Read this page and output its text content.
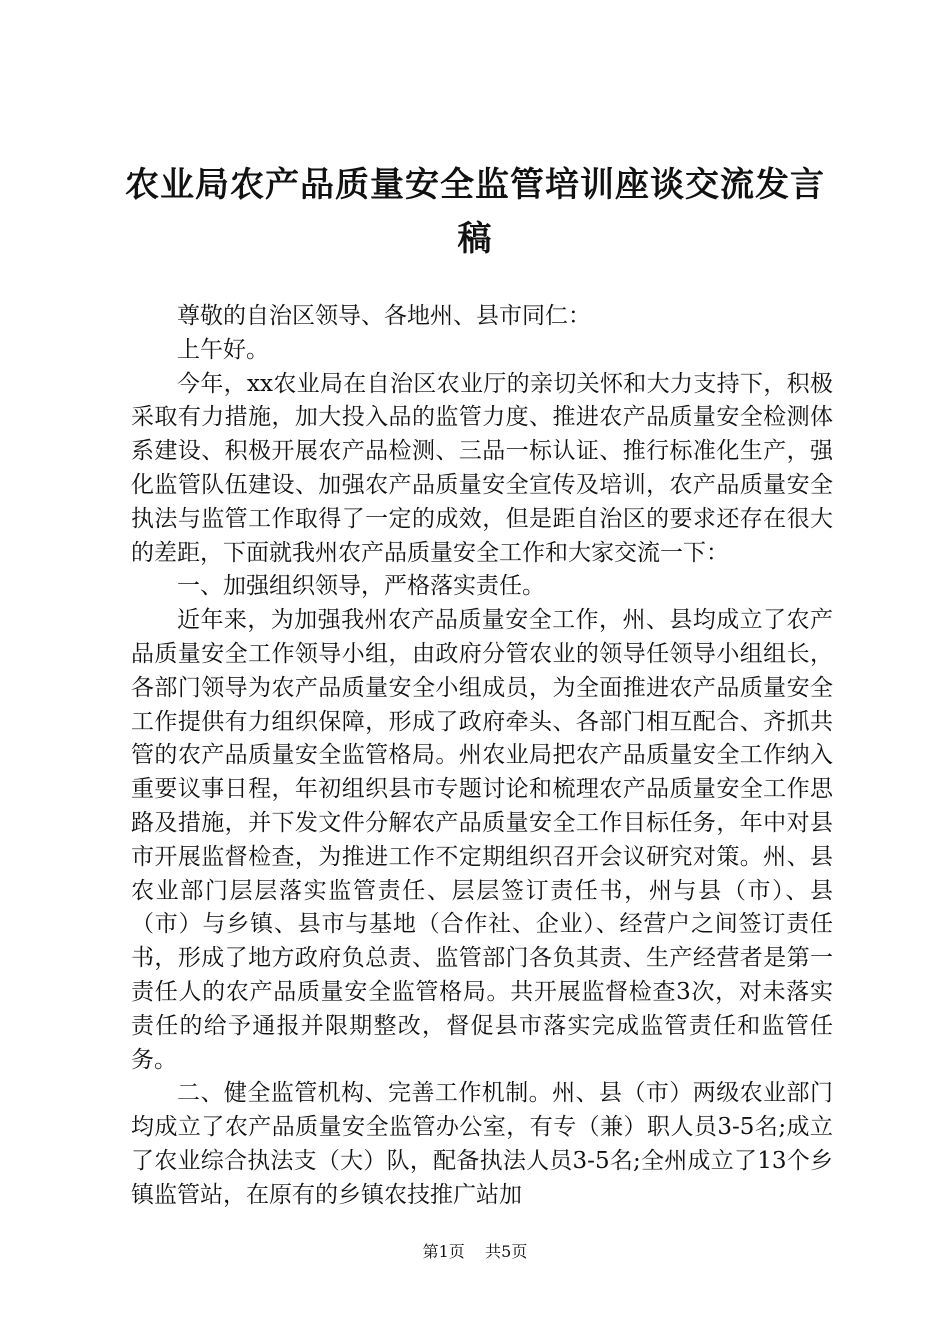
农业局农产品质量安全监管培训座谈交流发言稿

尊敬的自治区领导、各地州、县市同仁：

上午好。

今年，xx农业局在自治区农业厅的亲切关怀和大力支持下，积极采取有力措施，加大投入品的监管力度、推进农产品质量安全检测体系建设、积极开展农产品检测、三品一标认证、推行标准化生产，强化监管队伍建设、加强农产品质量安全宣传及培训，农产品质量安全执法与监管工作取得了一定的成效，但是距自治区的要求还存在很大的差距，下面就我州农产品质量安全工作和大家交流一下：

一、加强组织领导，严格落实责任。

近年来，为加强我州农产品质量安全工作，州、县均成立了农产品质量安全工作领导小组，由政府分管农业的领导任领导小组组长，各部门领导为农产品质量安全小组成员，为全面推进农产品质量安全工作提供有力组织保障，形成了政府牵头、各部门相互配合、齐抓共管的农产品质量安全监管格局。州农业局把农产品质量安全工作纳入重要议事日程，年初组织县市专题讨论和梳理农产品质量安全工作思路及措施，并下发文件分解农产品质量安全工作目标任务，年中对县市开展监督检查，为推进工作不定期组织召开会议研究对策。州、县农业部门层层落实监管责任、层层签订责任书，州与县（市）、县（市）与乡镇、县市与基地（合作社、企业）、经营户之间签订责任书，形成了地方政府负总责、监管部门各负其责、生产经营者是第一责任人的农产品质量安全监管格局。共开展监督检查3次，对未落实责任的给予通报并限期整改，督促县市落实完成监管责任和监管任务。

二、健全监管机构、完善工作机制。州、县（市）两级农业部门均成立了农产品质量安全监管办公室，有专（兼）职人员3-5名;成立了农业综合执法支（大）队，配备执法人员3-5名;全州成立了13个乡镇监管站，在原有的乡镇农技推广站加

第1页 共5页
